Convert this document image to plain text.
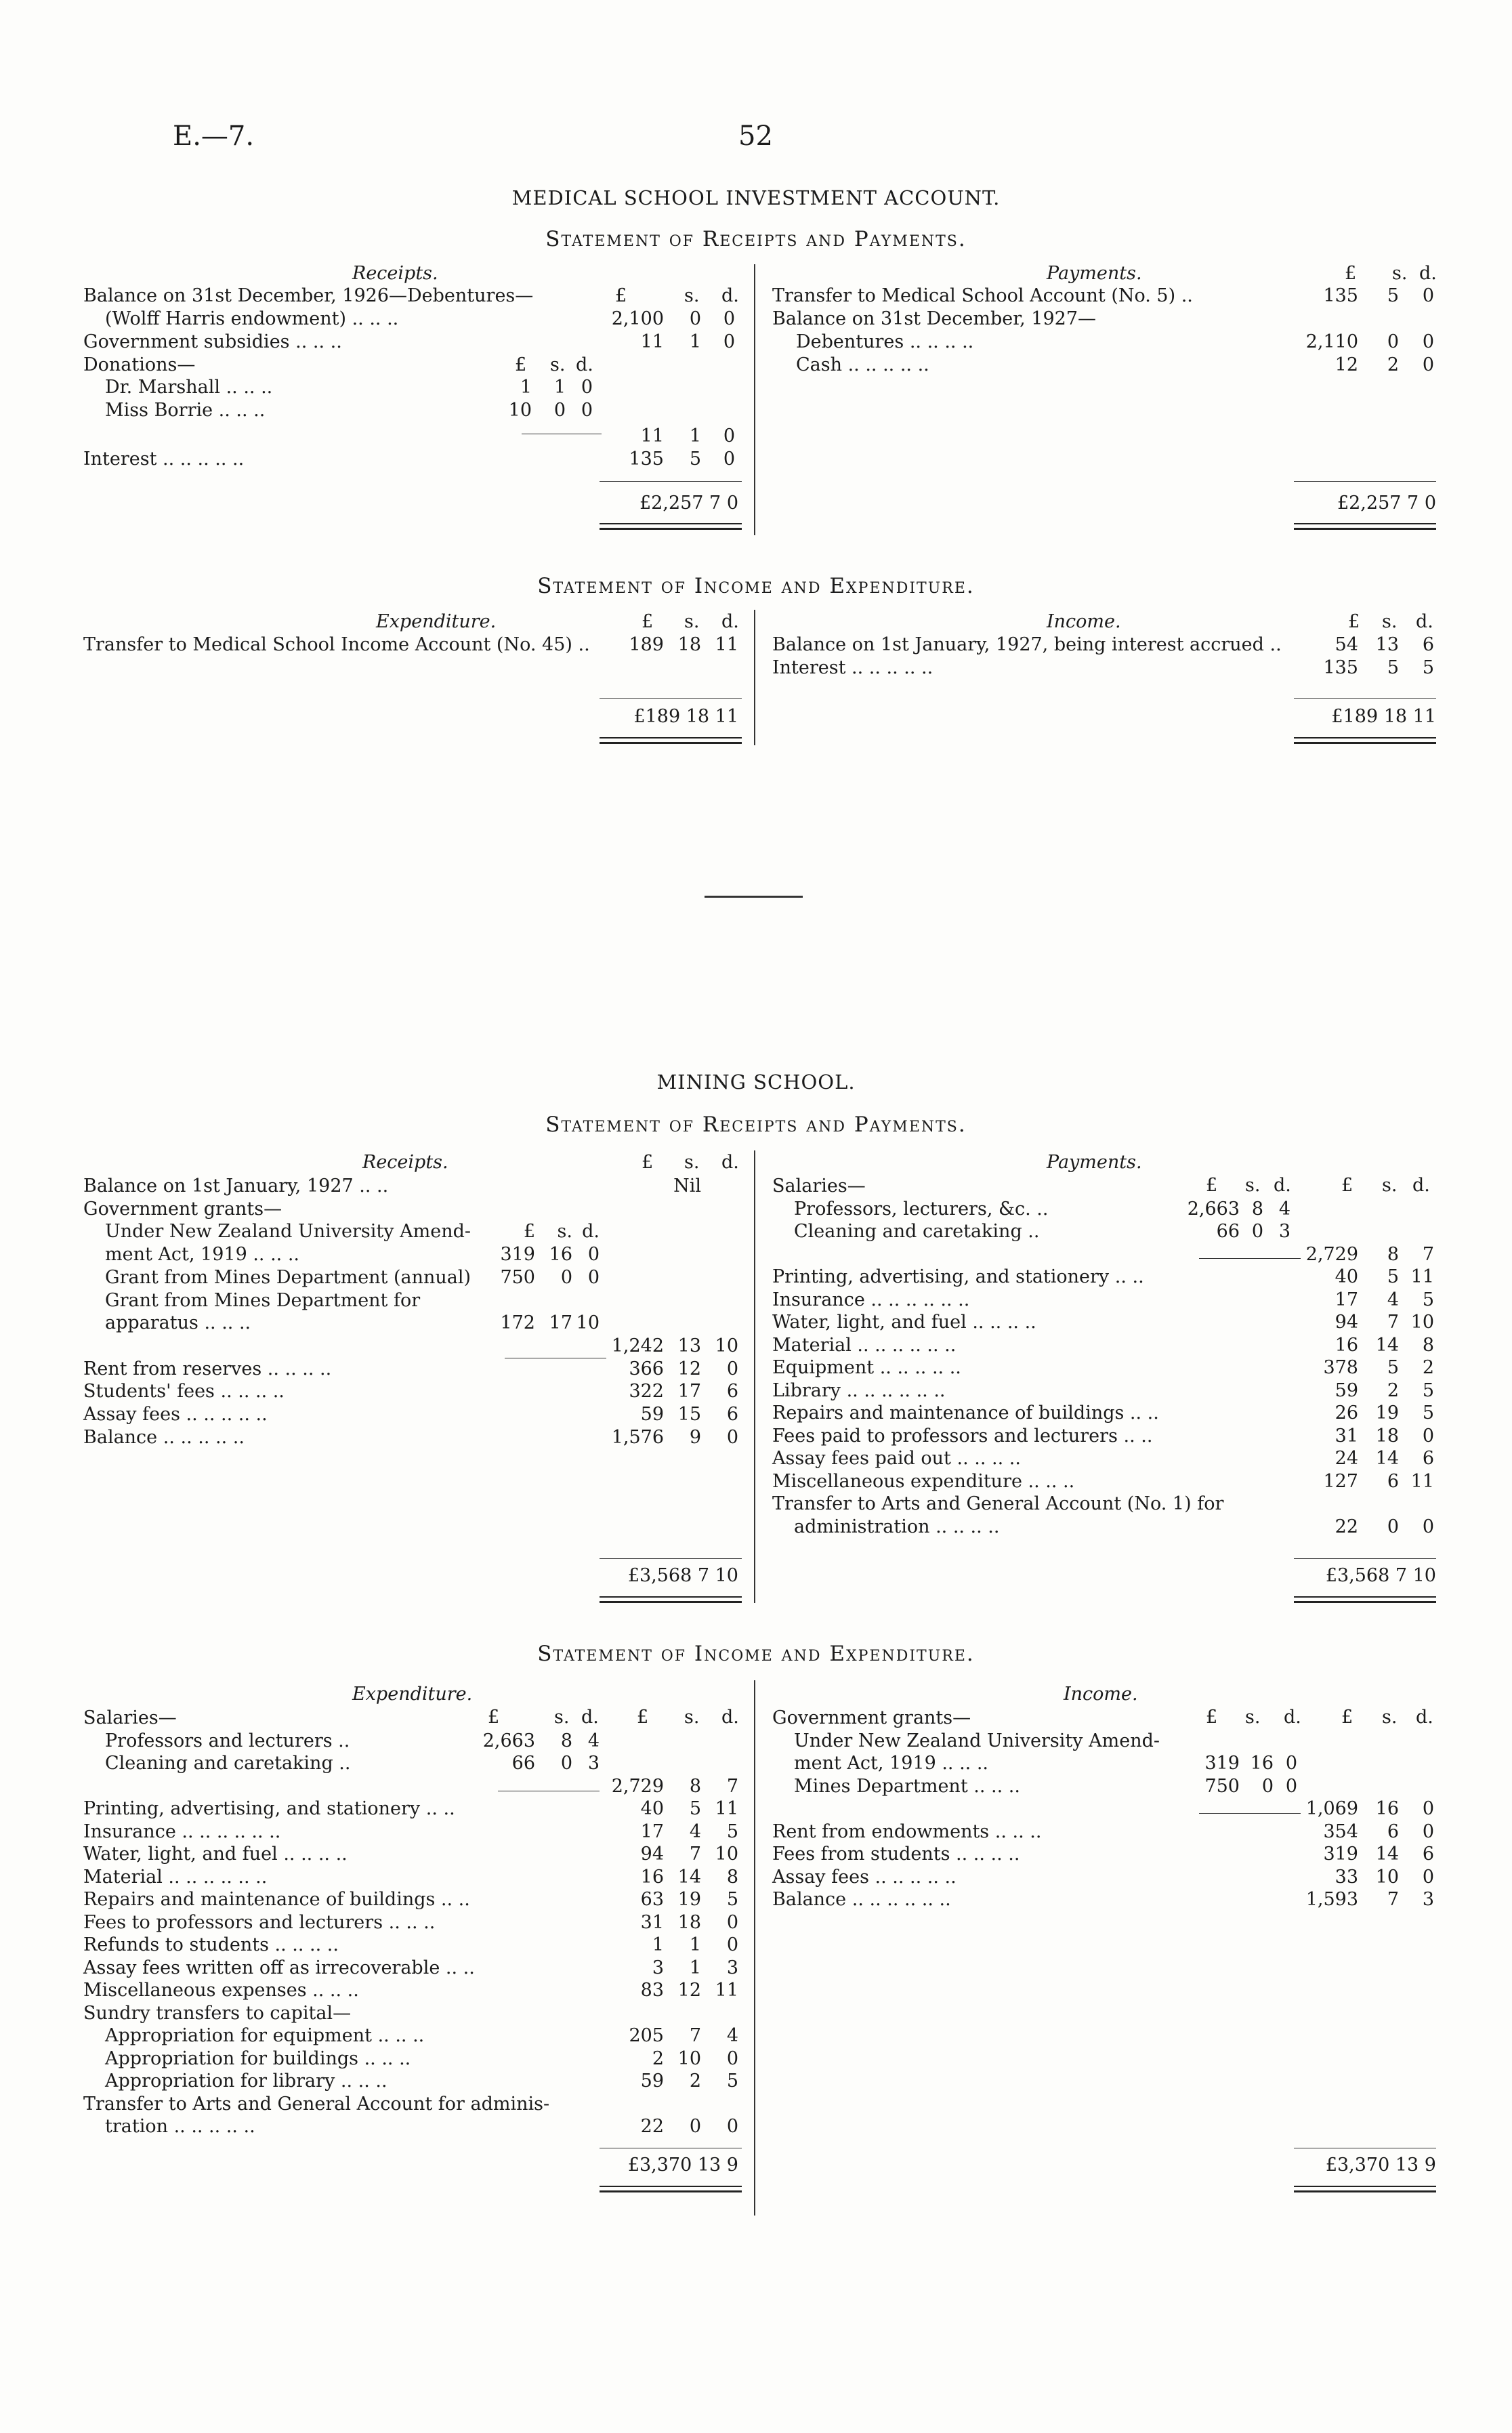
E.—7.	52
MEDICAL SCHOOL INVESTMENT ACCOUNT.
Statement of Receipts and Payments.
Receipts.
Balance on 31st December, 1926—Debentures—	£	s. d.
(Wolff Harris endowment) .. .. ..	2,100	0	0
Government subsidies .. .. ..	11	1	0
Donations—	£ s. d.
Dr. Marshall .. .. ..	1	1 0
Miss Borrie .. .. ..	10	0 0
11	1	0
Interest .. .. .. .. ..	135	5	0
£2,257 7 0
Payments.	£ s. d.
Transfer to Medical School Account (No. 5) ..	135	5	0
Balance on 31st December, 1927—
Debentures .. .. .. ..	2,110	0	0
Cash .. .. .. .. ..	12	2	0
£2,257 7 0
Statement of Income and Expenditure.
Expenditure.	£ s. d.
Transfer to Medical School Income Account (No. 45) ..	189 18 11
£189 18 11
Income.	£ s. d.
Balance on 1st January, 1927, being interest accrued ..	54 13	6
Interest .. .. .. .. ..	135	5	5
£189 18 11
MINING SCHOOL.
Statement of Receipts and Payments.
Receipts.	£ s. d.
Balance on 1st January, 1927 .. ..	Nil
Government grants—
Under New Zealand University Amend-	£	s. d.
ment Act, 1919 .. .. ..	319 16 0
Grant from Mines Department (annual)	750	0 0
Grant from Mines Department for
apparatus .. .. ..	172 17 10
1,242 13 10
Rent from reserves .. .. .. ..	366 12	0
Students' fees .. .. .. ..	322 17	6
Assay fees .. .. .. .. ..	59 15	6
Balance .. .. .. .. ..	1,576	9	0
£3,568 7 10
Payments.
£ s. d.	£ s. d.
Salaries—
Professors, lecturers, &c. ..	2,663 8 4
Cleaning and caretaking ..	66 0 3
2,729	8	7
Printing, advertising, and stationery .. ..	40	5 11
Insurance .. .. .. .. .. ..	17	4	5
Water, light, and fuel .. .. .. ..	94	7 10
Material .. .. .. .. .. ..	16 14	8
Equipment .. .. .. .. ..	378	5	2
Library .. .. .. .. .. ..	59	2	5
Repairs and maintenance of buildings .. ..	26 19	5
Fees paid to professors and lecturers .. ..	31 18	0
Assay fees paid out .. .. .. ..	24 14	6
Miscellaneous expenditure .. .. ..	127	6 11
Transfer to Arts and General Account (No. 1) for
administration .. .. .. ..	22	0	0
£3,568 7 10
Statement of Income and Expenditure.
Expenditure.
£	s. d. £ s. d.
Salaries—
Professors and lecturers ..	2,663	8 4
Cleaning and caretaking ..	66	0 3
2,729	8	7
Printing, advertising, and stationery .. ..	40	5 11
Insurance .. .. .. .. .. ..	17	4	5
Water, light, and fuel .. .. .. ..	94	7 10
Material .. .. .. .. .. ..	16 14	8
Repairs and maintenance of buildings .. ..	63 19	5
Fees to professors and lecturers .. .. ..	31 18	0
Refunds to students .. .. .. ..	1	1	0
Assay fees written off as irrecoverable .. ..	3	1	3
Miscellaneous expenses .. .. ..	83 12 11
Sundry transfers to capital—
Appropriation for equipment .. .. ..	205	7	4
Appropriation for buildings .. .. ..	2 10	0
Appropriation for library .. .. ..	59	2	5
Transfer to Arts and General Account for adminis-
tration .. .. .. .. ..	22	0	0
£3,370 13 9
Income.
£ s. d. £ s. d.
Government grants—
Under New Zealand University Amend-
ment Act, 1919 .. .. ..	319 16 0
Mines Department .. .. ..	750	0 0
1,069 16	0
Rent from endowments .. .. ..	354	6	0
Fees from students .. .. .. ..	319 14	6
Assay fees .. .. .. .. ..	33 10	0
Balance .. .. .. .. .. ..	1,593	7	3
£3,370 13 9
